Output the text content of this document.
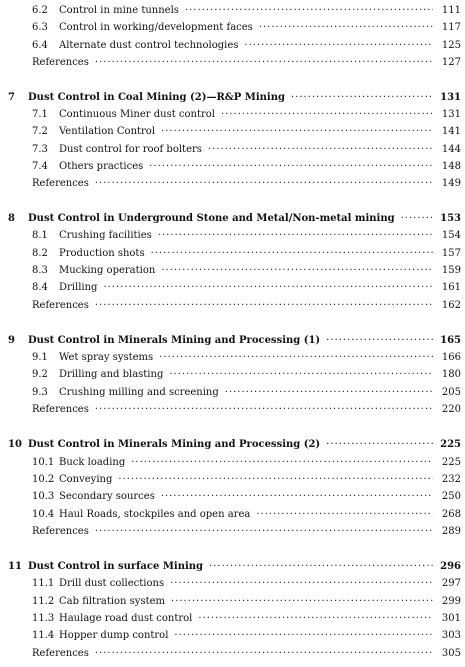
6.2 Control in mine tunnels ·····	111
6.3 Control in working/development faces ·····	117
6.4 Alternate dust control technologies ·····	125
References ·····	127
7 Dust Control in Coal Mining (2)—R&P Mining ·····	131
7.1 Continuous Miner dust control ·····	131
7.2 Ventilation Control ·····	141
7.3 Dust control for roof bolters ·····	144
7.4 Others practices ·····	148
References ·····	149
8 Dust Control in Underground Stone and Metal/Non-metal mining ·····	153
8.1 Crushing facilities ·····	154
8.2 Production shots ·····	157
8.3 Mucking operation ·····	159
8.4 Drilling ·····	161
References ·····	162
9 Dust Control in Minerals Mining and Processing (1) ·····	165
9.1 Wet spray systems ·····	166
9.2 Drilling and blasting ·····	180
9.3 Crushing milling and screening ·····	205
References ·····	220
10 Dust Control in Minerals Mining and Processing (2) ·····	225
10.1 Buck loading ·····	225
10.2 Conveying ·····	232
10.3 Secondary sources ·····	250
10.4 Haul Roads, stockpiles and open area ·····	268
References ·····	289
11 Dust Control in surface Mining ·····	296
11.1 Drill dust collections ·····	297
11.2 Cab filtration system ·····	299
11.3 Haulage road dust control ·····	301
11.4 Hopper dump control ·····	303
References ·····	305
